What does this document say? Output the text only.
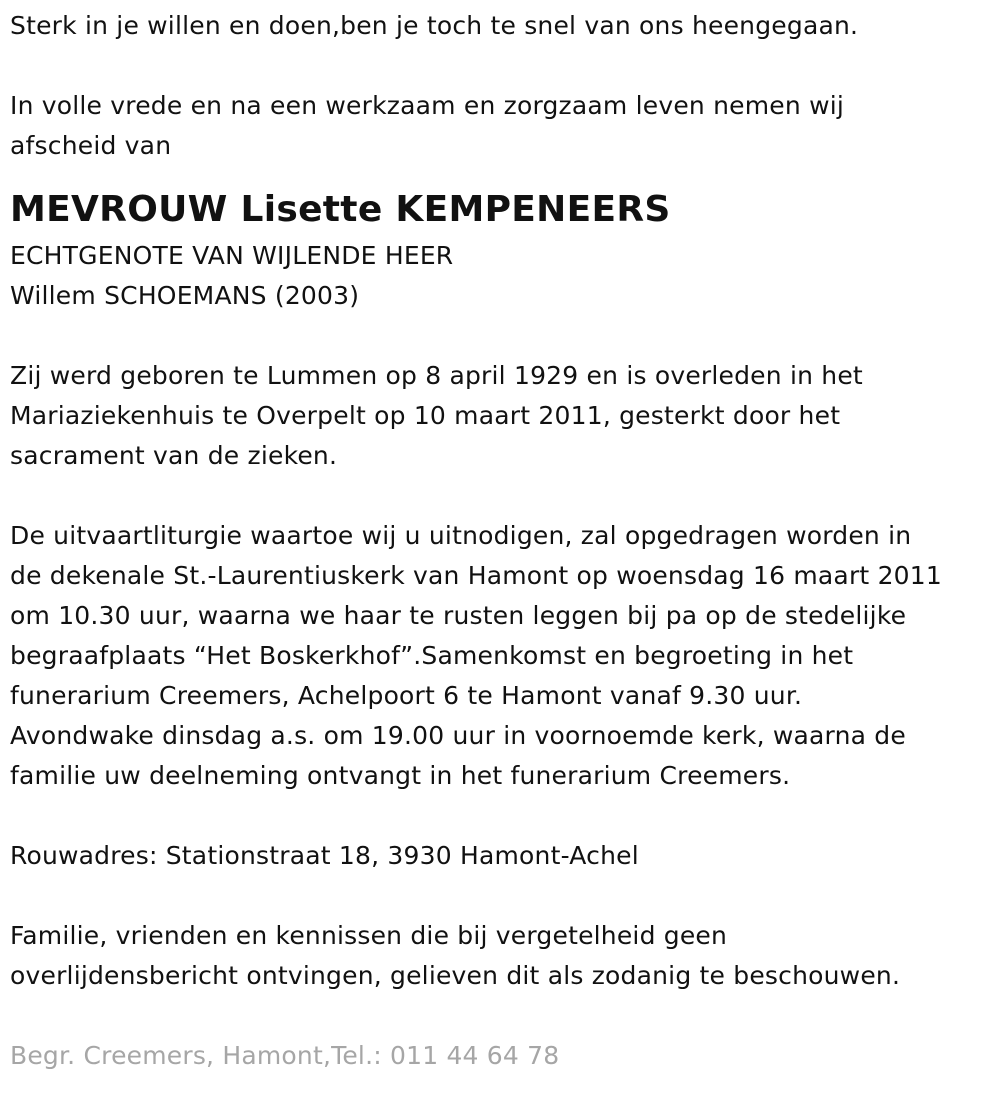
Sterk in je willen en doen,ben je toch te snel van ons heengegaan.
In volle vrede en na een werkzaam en zorgzaam leven nemen wij
afscheid van
MEVROUW Lisette KEMPENEERS
ECHTGENOTE VAN WIJLENDE HEER
Willem SCHOEMANS (2003)
Zij werd geboren te Lummen op 8 april 1929 en is overleden in het
Mariaziekenhuis te Overpelt op 10 maart 2011, gesterkt door het
sacrament van de zieken.
De uitvaartliturgie waartoe wij u uitnodigen, zal opgedragen worden in
de dekenale St.-Laurentiuskerk van Hamont op woensdag 16 maart 2011
om 10.30 uur, waarna we haar te rusten leggen bij pa op de stedelijke
begraafplaats “Het Boskerkhof”.Samenkomst en begroeting in het
funerarium Creemers, Achelpoort 6 te Hamont vanaf 9.30 uur.
Avondwake dinsdag a.s. om 19.00 uur in voornoemde kerk, waarna de
familie uw deelneming ontvangt in het funerarium Creemers.
Rouwadres: Stationstraat 18, 3930 Hamont-Achel
Familie, vrienden en kennissen die bij vergetelheid geen
overlijdensbericht ontvingen, gelieven dit als zodanig te beschouwen.
Begr. Creemers, Hamont,Tel.: 011 44 64 78
